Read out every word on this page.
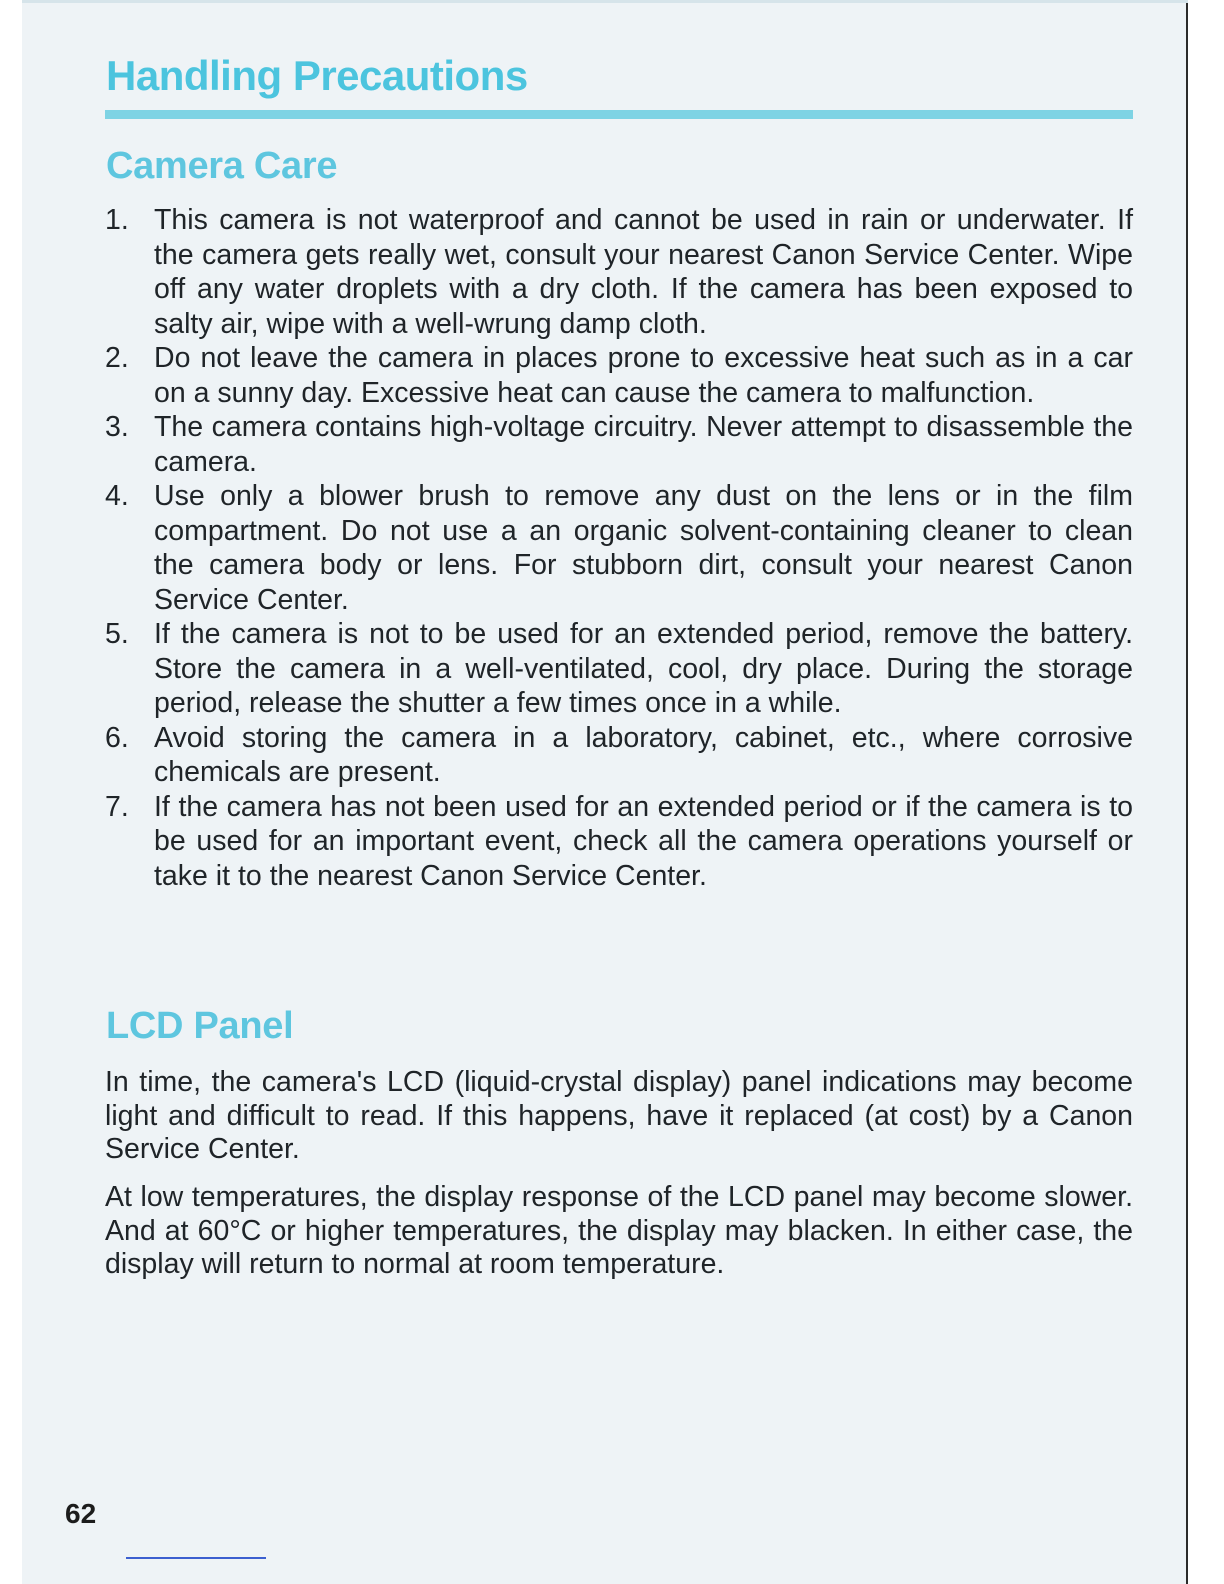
Handling Precautions
Camera Care
1. This camera is not waterproof and cannot be used in rain or underwater. If the camera gets really wet, consult your nearest Canon Service Center. Wipe off any water droplets with a dry cloth. If the camera has been exposed to salty air, wipe with a well-wrung damp cloth.
2. Do not leave the camera in places prone to excessive heat such as in a car on a sunny day. Excessive heat can cause the camera to malfunction.
3. The camera contains high-voltage circuitry. Never attempt to disassemble the camera.
4. Use only a blower brush to remove any dust on the lens or in the film compartment. Do not use a an organic solvent-containing cleaner to clean the camera body or lens. For stubborn dirt, consult your nearest Canon Service Center.
5. If the camera is not to be used for an extended period, remove the battery. Store the camera in a well-ventilated, cool, dry place. During the storage period, release the shutter a few times once in a while.
6. Avoid storing the camera in a laboratory, cabinet, etc., where corrosive chemicals are present.
7. If the camera has not been used for an extended period or if the camera is to be used for an important event, check all the camera operations yourself or take it to the nearest Canon Service Center.
LCD Panel

In time, the camera's LCD (liquid-crystal display) panel indications may become light and difficult to read. If this happens, have it replaced (at cost) by a Canon Service Center.

At low temperatures, the display response of the LCD panel may become slower. And at 60°C or higher temperatures, the display may blacken. In either case, the display will return to normal at room temperature.

62
